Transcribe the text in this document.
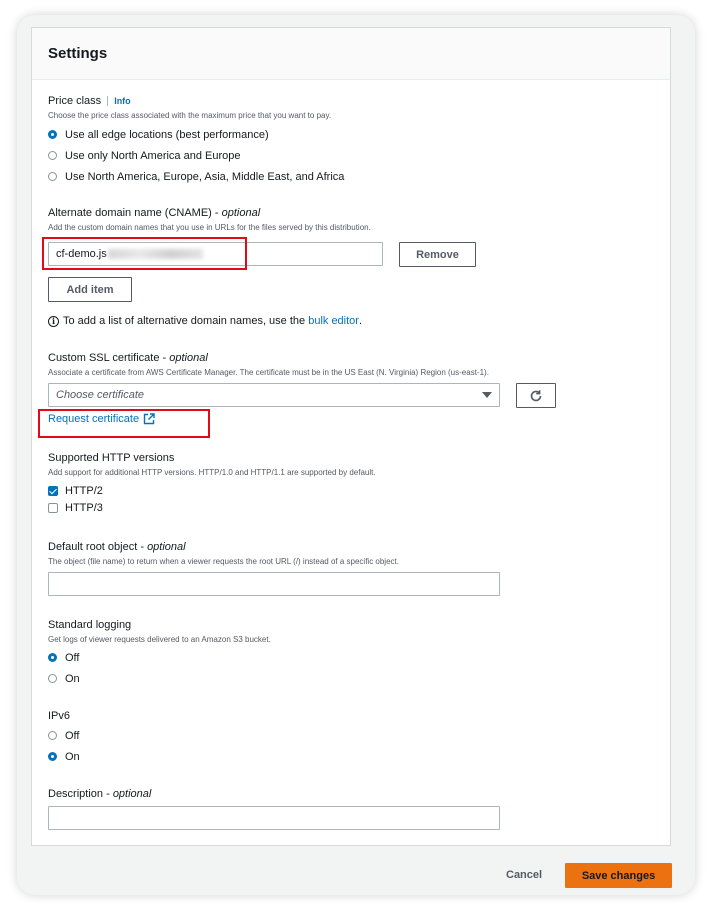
Settings
Price class Info
Choose the price class associated with the maximum price that you want to pay.
Use all edge locations (best performance)
Use only North America and Europe
Use North America, Europe, Asia, Middle East, and Africa
Alternate domain name (CNAME) - optional
Add the custom domain names that you use in URLs for the files served by this distribution.
cf-demo.js	Remove
Add item
i To add a list of alternative domain names, use the
bulk editor .
Custom SSL certificate - optional
Associate a certificate from AWS Certificate Manager. The certificate must be in the US East (N. Virginia) Region (us-east-1).
Choose certificate
Request certificate
Supported HTTP versions
Add support for additional HTTP versions. HTTP/1.0 and HTTP/1.1 are supported by default.
HTTP/2
HTTP/3
Default root object - optional
The object (file name) to return when a viewer requests the root URL (/) instead of a specific object.
Standard logging
Get logs of viewer requests delivered to an Amazon S3 bucket.
Off
On
IPv6
Off
On
Description - optional
Cancel	Save changes
